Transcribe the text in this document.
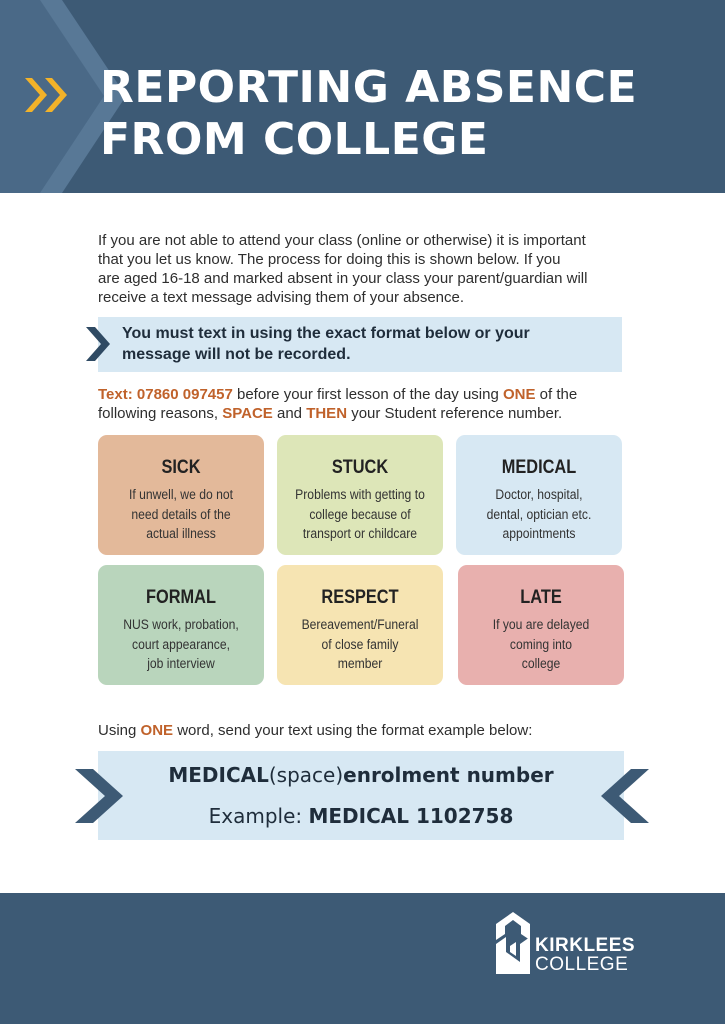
REPORTING ABSENCE
FROM COLLEGE
If you are not able to attend your class (online or otherwise) it is important
that you let us know. The process for doing this is shown below. If you
are aged 16-18 and marked absent in your class your parent/guardian will
receive a text message advising them of your absence.
You must text in using the exact format below or your
message will not be recorded.
Text: 07860 097457 before your first lesson of the day using ONE of the
following reasons, SPACE and THEN your Student reference number.
SICK
If unwell, we do not
need details of the
actual illness
STUCK
Problems with getting to
college because of
transport or childcare
MEDICAL
Doctor, hospital,
dental, optician etc.
appointments
FORMAL
NUS work, probation,
court appearance,
job interview
RESPECT
Bereavement/Funeral
of close family
member
LATE
If you are delayed
coming into
college
Using ONE word, send your text using the format example below:
MEDICAL(space)enrolment number
Example: MEDICAL 1102758
KIRKLEES
COLLEGE
